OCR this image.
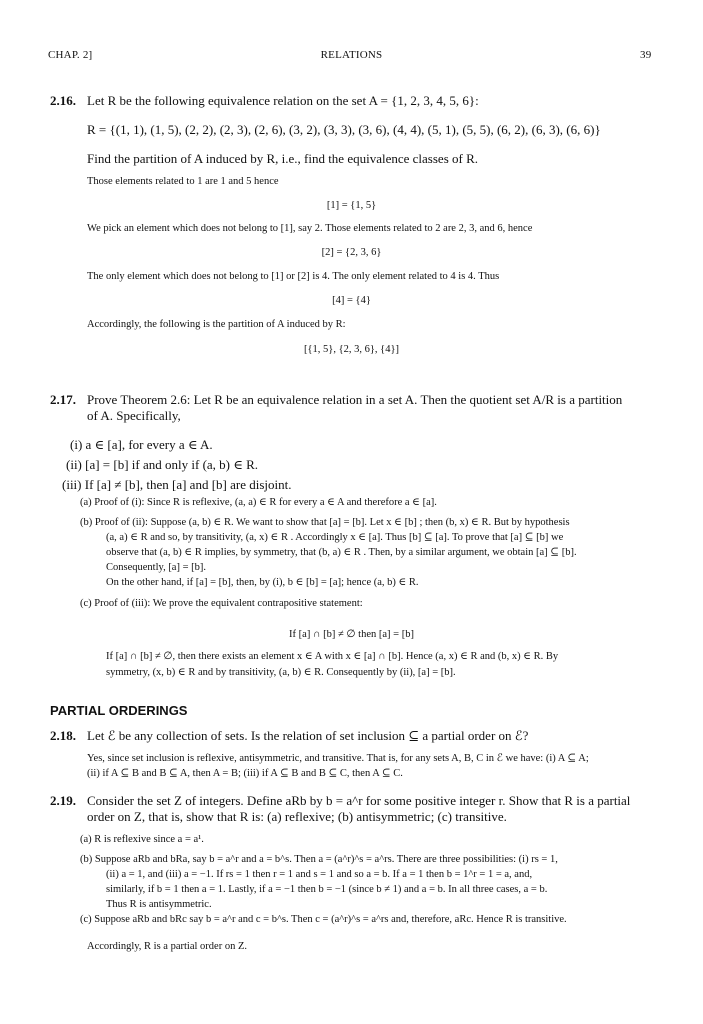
CHAP. 2]	RELATIONS	39
2.16. Let R be the following equivalence relation on the set A = {1, 2, 3, 4, 5, 6}:
R = {(1, 1), (1, 5), (2, 2), (2, 3), (2, 6), (3, 2), (3, 3), (3, 6), (4, 4), (5, 1), (5, 5), (6, 2), (6, 3), (6, 6)}
Find the partition of A induced by R, i.e., find the equivalence classes of R.
Those elements related to 1 are 1 and 5 hence
[1] = {1, 5}
We pick an element which does not belong to [1], say 2. Those elements related to 2 are 2, 3, and 6, hence
[2] = {2, 3, 6}
The only element which does not belong to [1] or [2] is 4. The only element related to 4 is 4. Thus
[4] = {4}
Accordingly, the following is the partition of A induced by R:
[{1, 5}, {2, 3, 6}, {4}]
2.17. Prove Theorem 2.6: Let R be an equivalence relation in a set A. Then the quotient set A/R is a partition
of A. Specifically,
(i) a ∈ [a], for every a ∈ A.
(ii) [a] = [b] if and only if (a, b) ∈ R.
(iii) If [a] ≠ [b], then [a] and [b] are disjoint.
(a) Proof of (i): Since R is reflexive, (a, a) ∈ R for every a ∈ A and therefore a ∈ [a].
(b) Proof of (ii): Suppose (a, b) ∈ R. We want to show that [a] = [b]. Let x ∈ [b] ; then (b, x) ∈ R. But by hypothesis
(a, a) ∈ R and so, by transitivity, (a, x) ∈ R . Accordingly x ∈ [a]. Thus [b] ⊆ [a]. To prove that [a] ⊆ [b] we
observe that (a, b) ∈ R implies, by symmetry, that (b, a) ∈ R . Then, by a similar argument, we obtain [a] ⊆ [b].
Consequently, [a] = [b].
On the other hand, if [a] = [b], then, by (i), b ∈ [b] = [a]; hence (a, b) ∈ R.
(c) Proof of (iii): We prove the equivalent contrapositive statement:
If [a] ∩ [b] ≠ ∅ then [a] = [b]
If [a] ∩ [b] ≠ ∅, then there exists an element x ∈ A with x ∈ [a] ∩ [b]. Hence (a, x) ∈ R and (b, x) ∈ R. By
symmetry, (x, b) ∈ R and by transitivity, (a, b) ∈ R. Consequently by (ii), [a] = [b].
PARTIAL ORDERINGS
2.18. Let ℰ be any collection of sets. Is the relation of set inclusion ⊆ a partial order on ℰ?
Yes, since set inclusion is reflexive, antisymmetric, and transitive. That is, for any sets A, B, C in ℰ we have: (i) A ⊆ A;
(ii) if A ⊆ B and B ⊆ A, then A = B; (iii) if A ⊆ B and B ⊆ C, then A ⊆ C.
2.19. Consider the set Z of integers. Define aRb by b = a^r for some positive integer r. Show that R is a partial
order on Z, that is, show that R is: (a) reflexive; (b) antisymmetric; (c) transitive.
(a) R is reflexive since a = a¹.
(b) Suppose aRb and bRa, say b = a^r and a = b^s. Then a = (a^r)^s = a^rs. There are three possibilities: (i) rs = 1,
(ii) a = 1, and (iii) a = −1. If rs = 1 then r = 1 and s = 1 and so a = b. If a = 1 then b = 1^r = 1 = a, and,
similarly, if b = 1 then a = 1. Lastly, if a = −1 then b = −1 (since b ≠ 1) and a = b. In all three cases, a = b.
Thus R is antisymmetric.
(c) Suppose aRb and bRc say b = a^r and c = b^s. Then c = (a^r)^s = a^rs and, therefore, aRc. Hence R is transitive.
Accordingly, R is a partial order on Z.
